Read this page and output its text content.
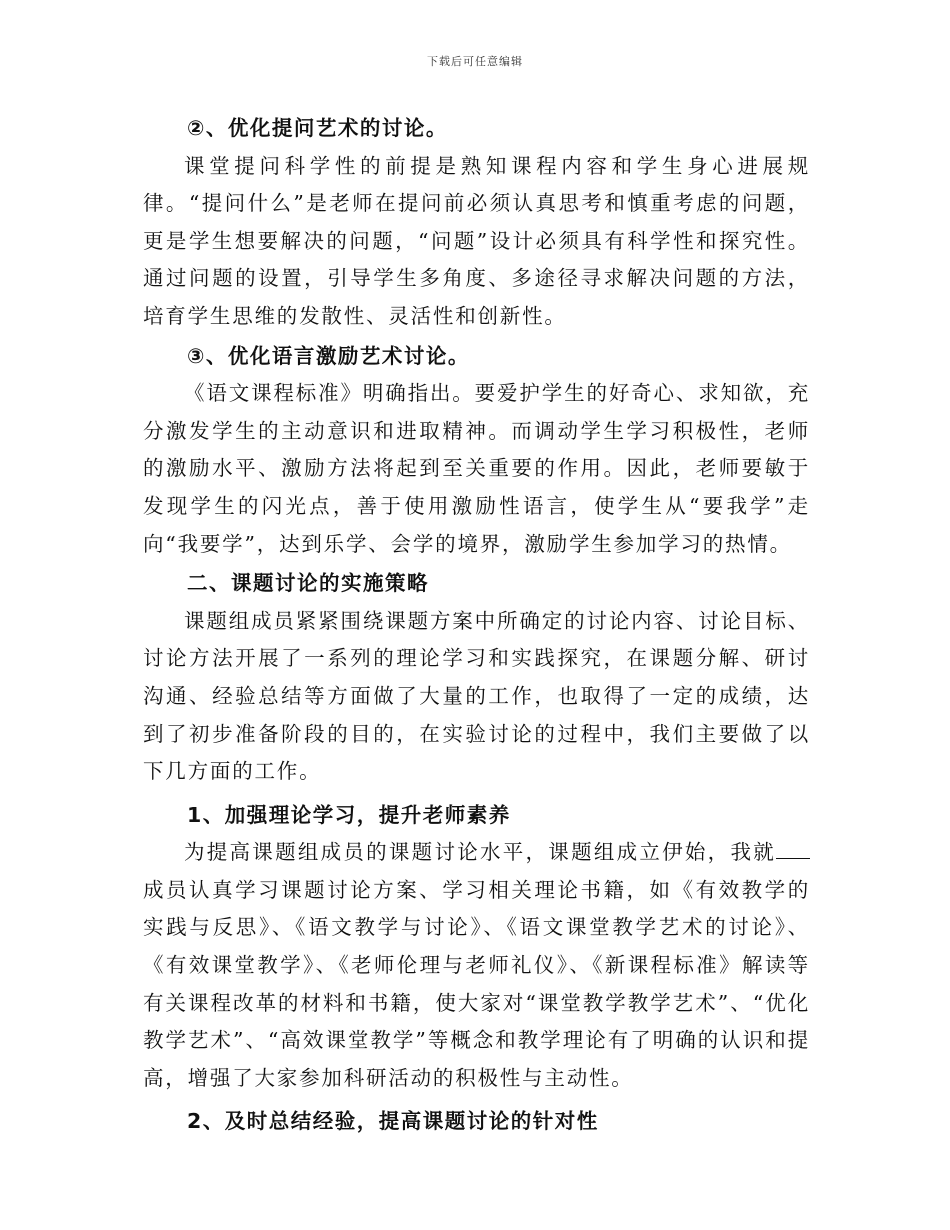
下载后可任意编辑

②、优化提问艺术的讨论。

课堂提问科学性的前提是熟知课程内容和学生身心进展规律。“提问什么”是老师在提问前必须认真思考和慎重考虑的问题，更是学生想要解决的问题，“问题”设计必须具有科学性和探究性。通过问题的设置，引导学生多角度、多途径寻求解决问题的方法，培育学生思维的发散性、灵活性和创新性。

③、优化语言激励艺术讨论。

《语文课程标准》明确指出。要爱护学生的好奇心、求知欲，充分激发学生的主动意识和进取精神。而调动学生学习积极性，老师的激励水平、激励方法将起到至关重要的作用。因此，老师要敏于发现学生的闪光点，善于使用激励性语言，使学生从“要我学”走向“我要学”，达到乐学、会学的境界，激励学生参加学习的热情。

二、课题讨论的实施策略

课题组成员紧紧围绕课题方案中所确定的讨论内容、讨论目标、讨论方法开展了一系列的理论学习和实践探究，在课题分解、研讨沟通、经验总结等方面做了大量的工作，也取得了一定的成绩，达到了初步准备阶段的目的，在实验讨论的过程中，我们主要做了以下几方面的工作。

1、加强理论学习，提升老师素养

为提高课题组成员的课题讨论水平，课题组成立伊始，我就成员认真学习课题讨论方案、学习相关理论书籍，如《有效教学的实践与反思》、《语文教学与讨论》、《语文课堂教学艺术的讨论》、《有效课堂教学》、《老师伦理与老师礼仪》、《新课程标准》解读等有关课程改革的材料和书籍，使大家对“课堂教学教学艺术”、“优化教学艺术”、“高效课堂教学”等概念和教学理论有了明确的认识和提高，增强了大家参加科研活动的积极性与主动性。

2、及时总结经验，提高课题讨论的针对性
